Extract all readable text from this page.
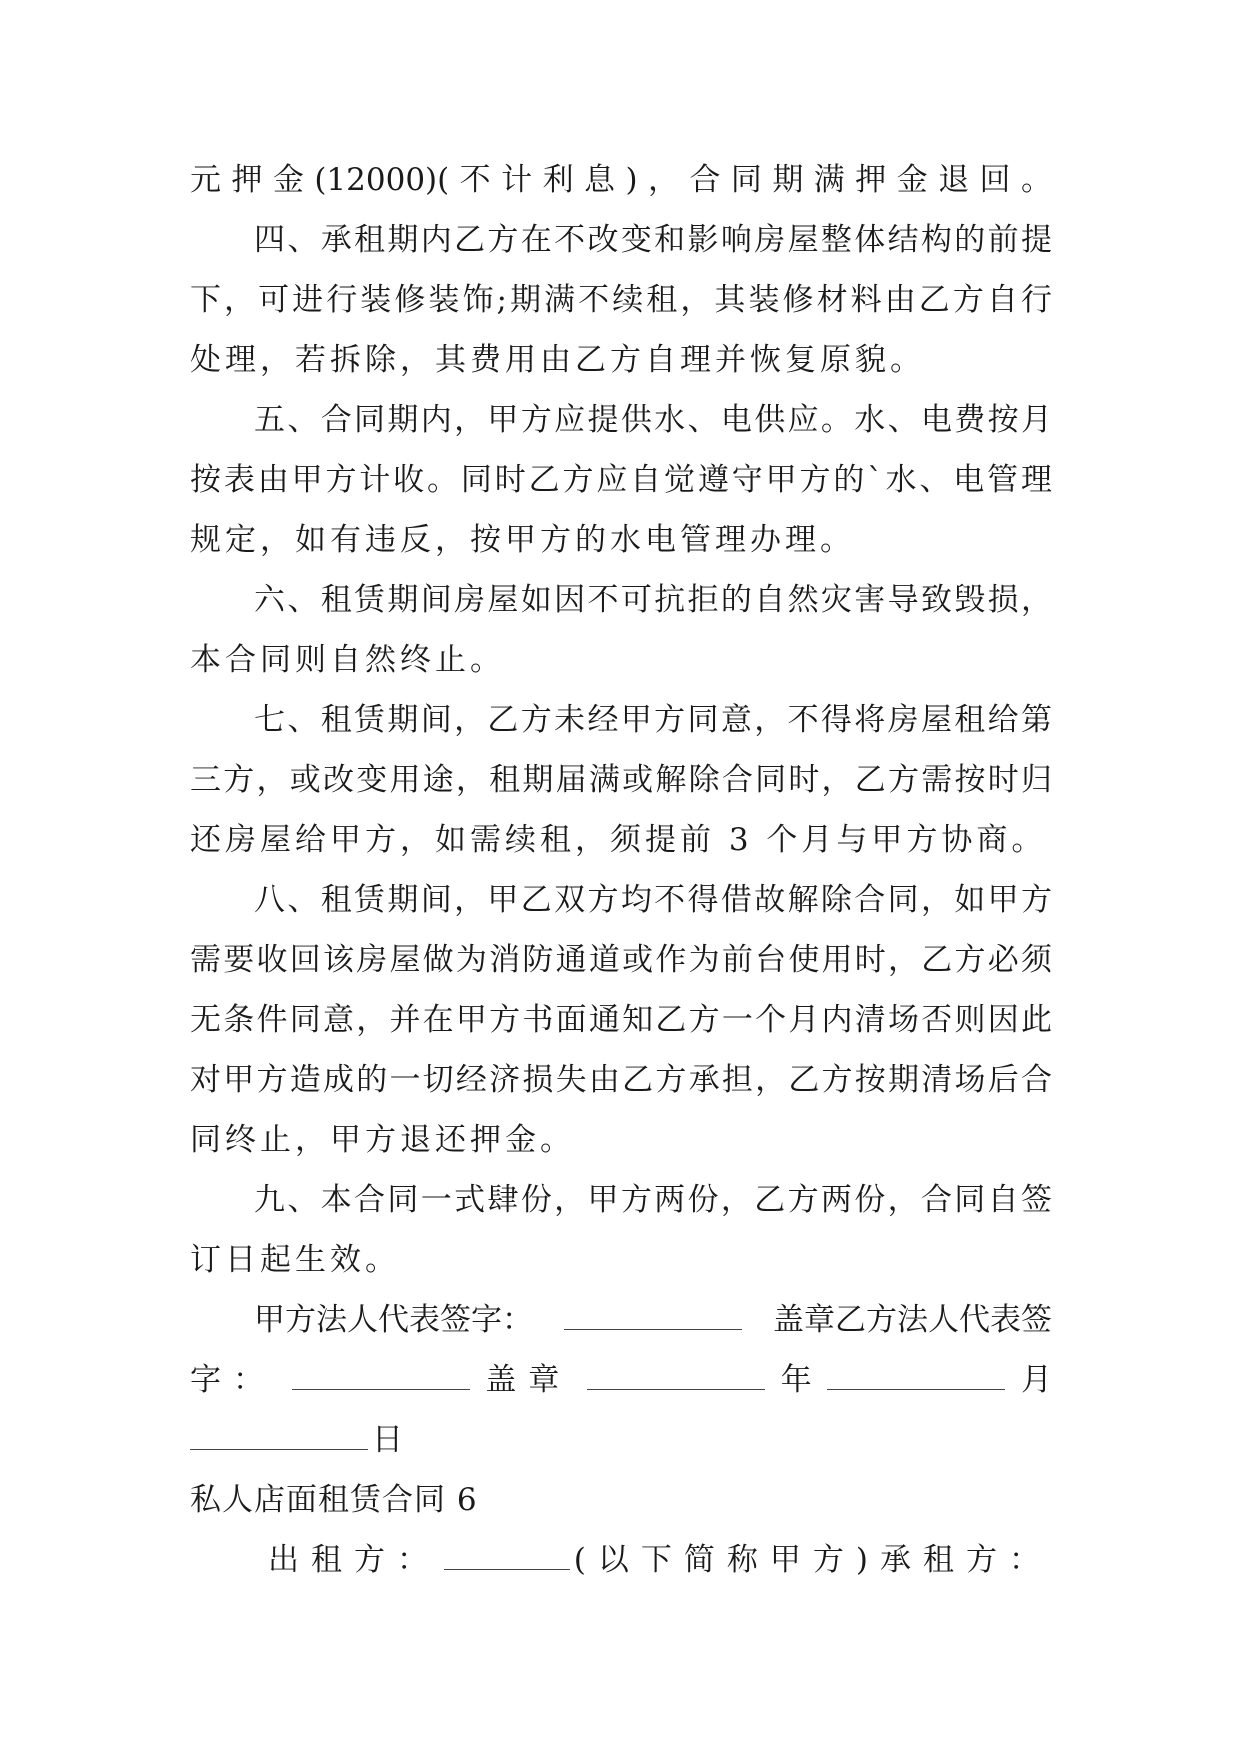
元押金(12000)(不计利息)，合同期满押金退回。
四、承租期内乙方在不改变和影响房屋整体结构的前提
下，可进行装修装饰;期满不续租，其装修材料由乙方自行
处理，若拆除，其费用由乙方自理并恢复原貌。
五、合同期内，甲方应提供水、电供应。水、电费按月
按表由甲方计收。同时乙方应自觉遵守甲方的`水、电管理
规定，如有违反，按甲方的水电管理办理。
六、租赁期间房屋如因不可抗拒的自然灾害导致毁损，
本合同则自然终止。
七、租赁期间，乙方未经甲方同意，不得将房屋租给第
三方，或改变用途，租期届满或解除合同时，乙方需按时归
还房屋给甲方，如需续租，须提前 3 个月与甲方协商。
八、租赁期间，甲乙双方均不得借故解除合同，如甲方
需要收回该房屋做为消防通道或作为前台使用时，乙方必须
无条件同意，并在甲方书面通知乙方一个月内清场否则因此
对甲方造成的一切经济损失由乙方承担，乙方按期清场后合
同终止，甲方退还押金。
九、本合同一式肆份，甲方两份，乙方两份，合同自签
订日起生效。
甲方法人代表签字：	盖章乙方法人代表签
字：	盖章	年	月
日
私人店面租赁合同 6
出租方：	(以下简称甲方) 承租方：
